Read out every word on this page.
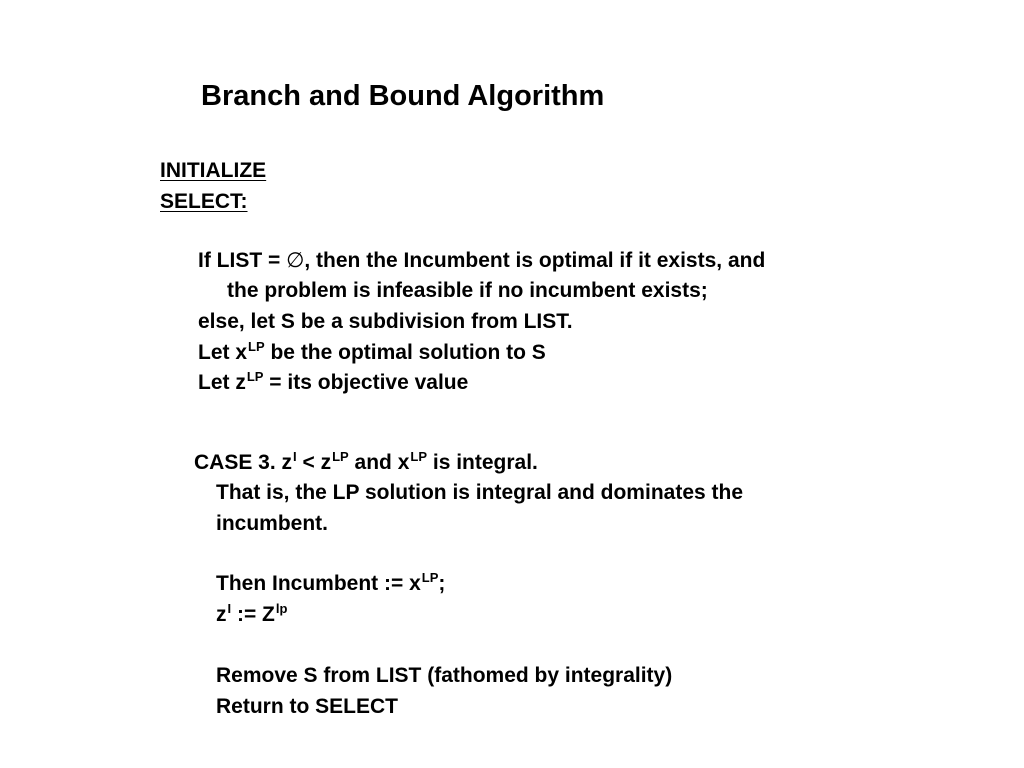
Branch and Bound Algorithm
INITIALIZE
SELECT:
If LIST = ∅, then the Incumbent is optimal if it exists, and
the problem is infeasible if no incumbent exists;
else, let S be a subdivision from LIST.
Let $x^{LP}$ be the optimal solution to S
Let $z^{LP}$ = its objective value
CASE 3. $z^I < z^{LP}$ and $x^{LP}$ is integral.
That is, the LP solution is integral and dominates the
incumbent.
Then Incumbent := $x^{LP}$;
$z^I$ := $Z^{lp}$
Remove S from LIST (fathomed by integrality)
Return to SELECT
